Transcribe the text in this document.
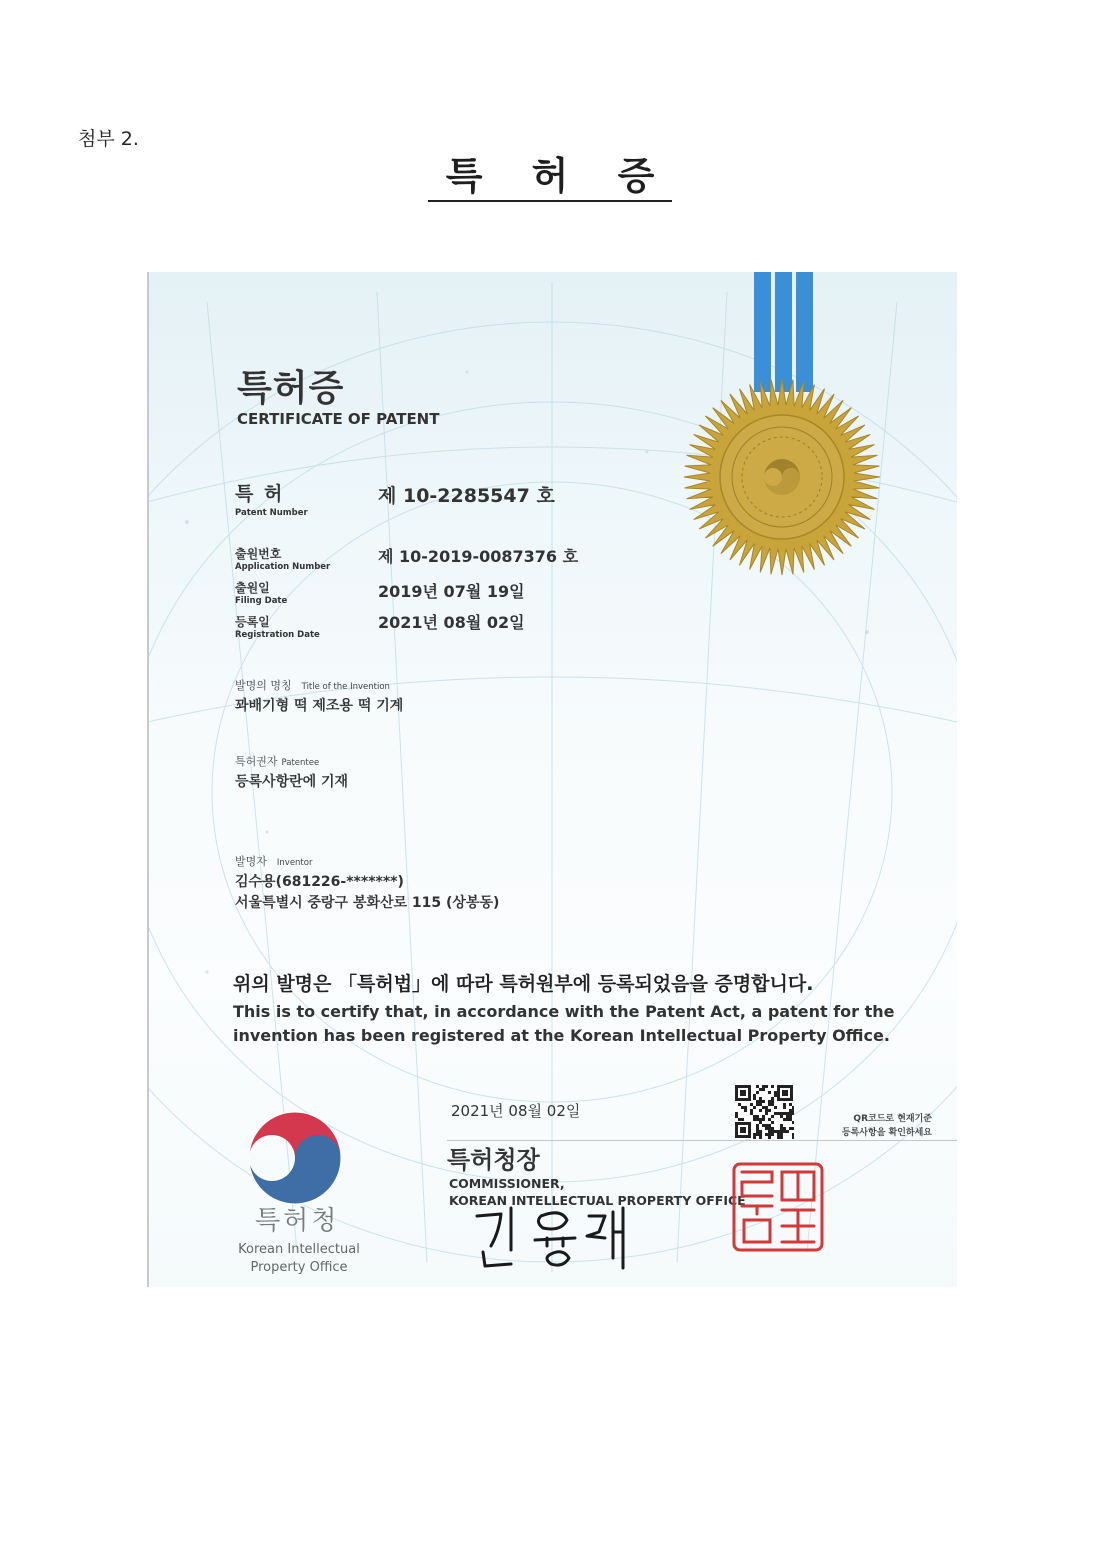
첨부 2.
특 허 증
특허증
CERTIFICATE OF PATENT
특 허
Patent Number
제 10-2285547 호
출원번호
Application Number
제 10-2019-0087376 호
출원일
Filing Date	2019년 07월 19일
등록일
Registration Date
2021년 08월 02일
발명의 명칭 Title of the Invention
꽈배기형 떡 제조용 떡 기계
특허권자 Patentee
등록사항란에 기재
발명자 Inventor
김수용(681226-*******)
서울특별시 중랑구 봉화산로 115 (상봉동)
위의 발명은 「특허법」에 따라 특허원부에 등록되었음을 증명합니다.
This is to certify that, in accordance with the Patent Act, a patent for the invention has been registered at the Korean Intellectual Property Office.
특허청
Korean Intellectual
Property Office
2021년 08월 02일
특허청장
COMMISSIONER,
KOREAN INTELLECTUAL PROPERTY OFFICE
QR코드로 현재기준
등록사항을 확인하세요
